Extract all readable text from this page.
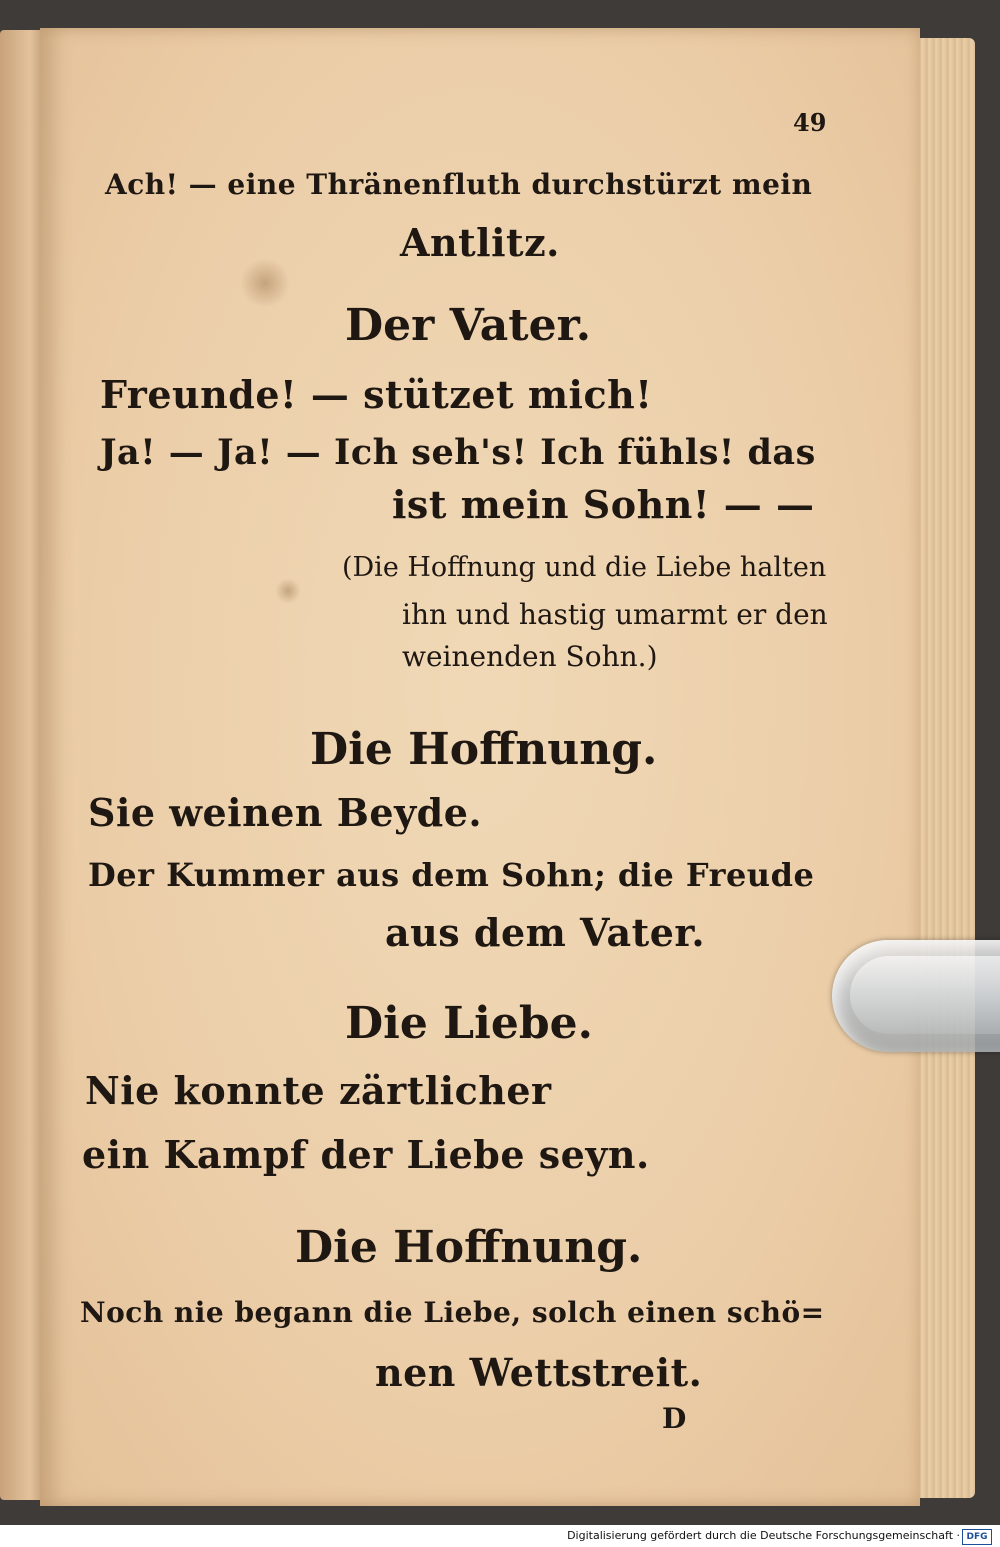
49
Ach! — eine Thränenfluth durchstürzt mein
Antlitz.
Der Vater.
Freunde! — stützet mich!
Ja! — Ja! — Ich seh's! Ich fühls! das
ist mein Sohn! — —
(Die Hoffnung und die Liebe halten
ihn und hastig umarmt er den
weinenden Sohn.)
Die Hoffnung.
Sie weinen Beyde.
Der Kummer aus dem Sohn; die Freude
aus dem Vater.
Die Liebe.
Nie konnte zärtlicher
ein Kampf der Liebe seyn.
Die Hoffnung.
Noch nie begann die Liebe, solch einen schö=
nen Wettstreit.
D
Digitalisierung gefördert durch die Deutsche Forschungsgemeinschaft · DFG
